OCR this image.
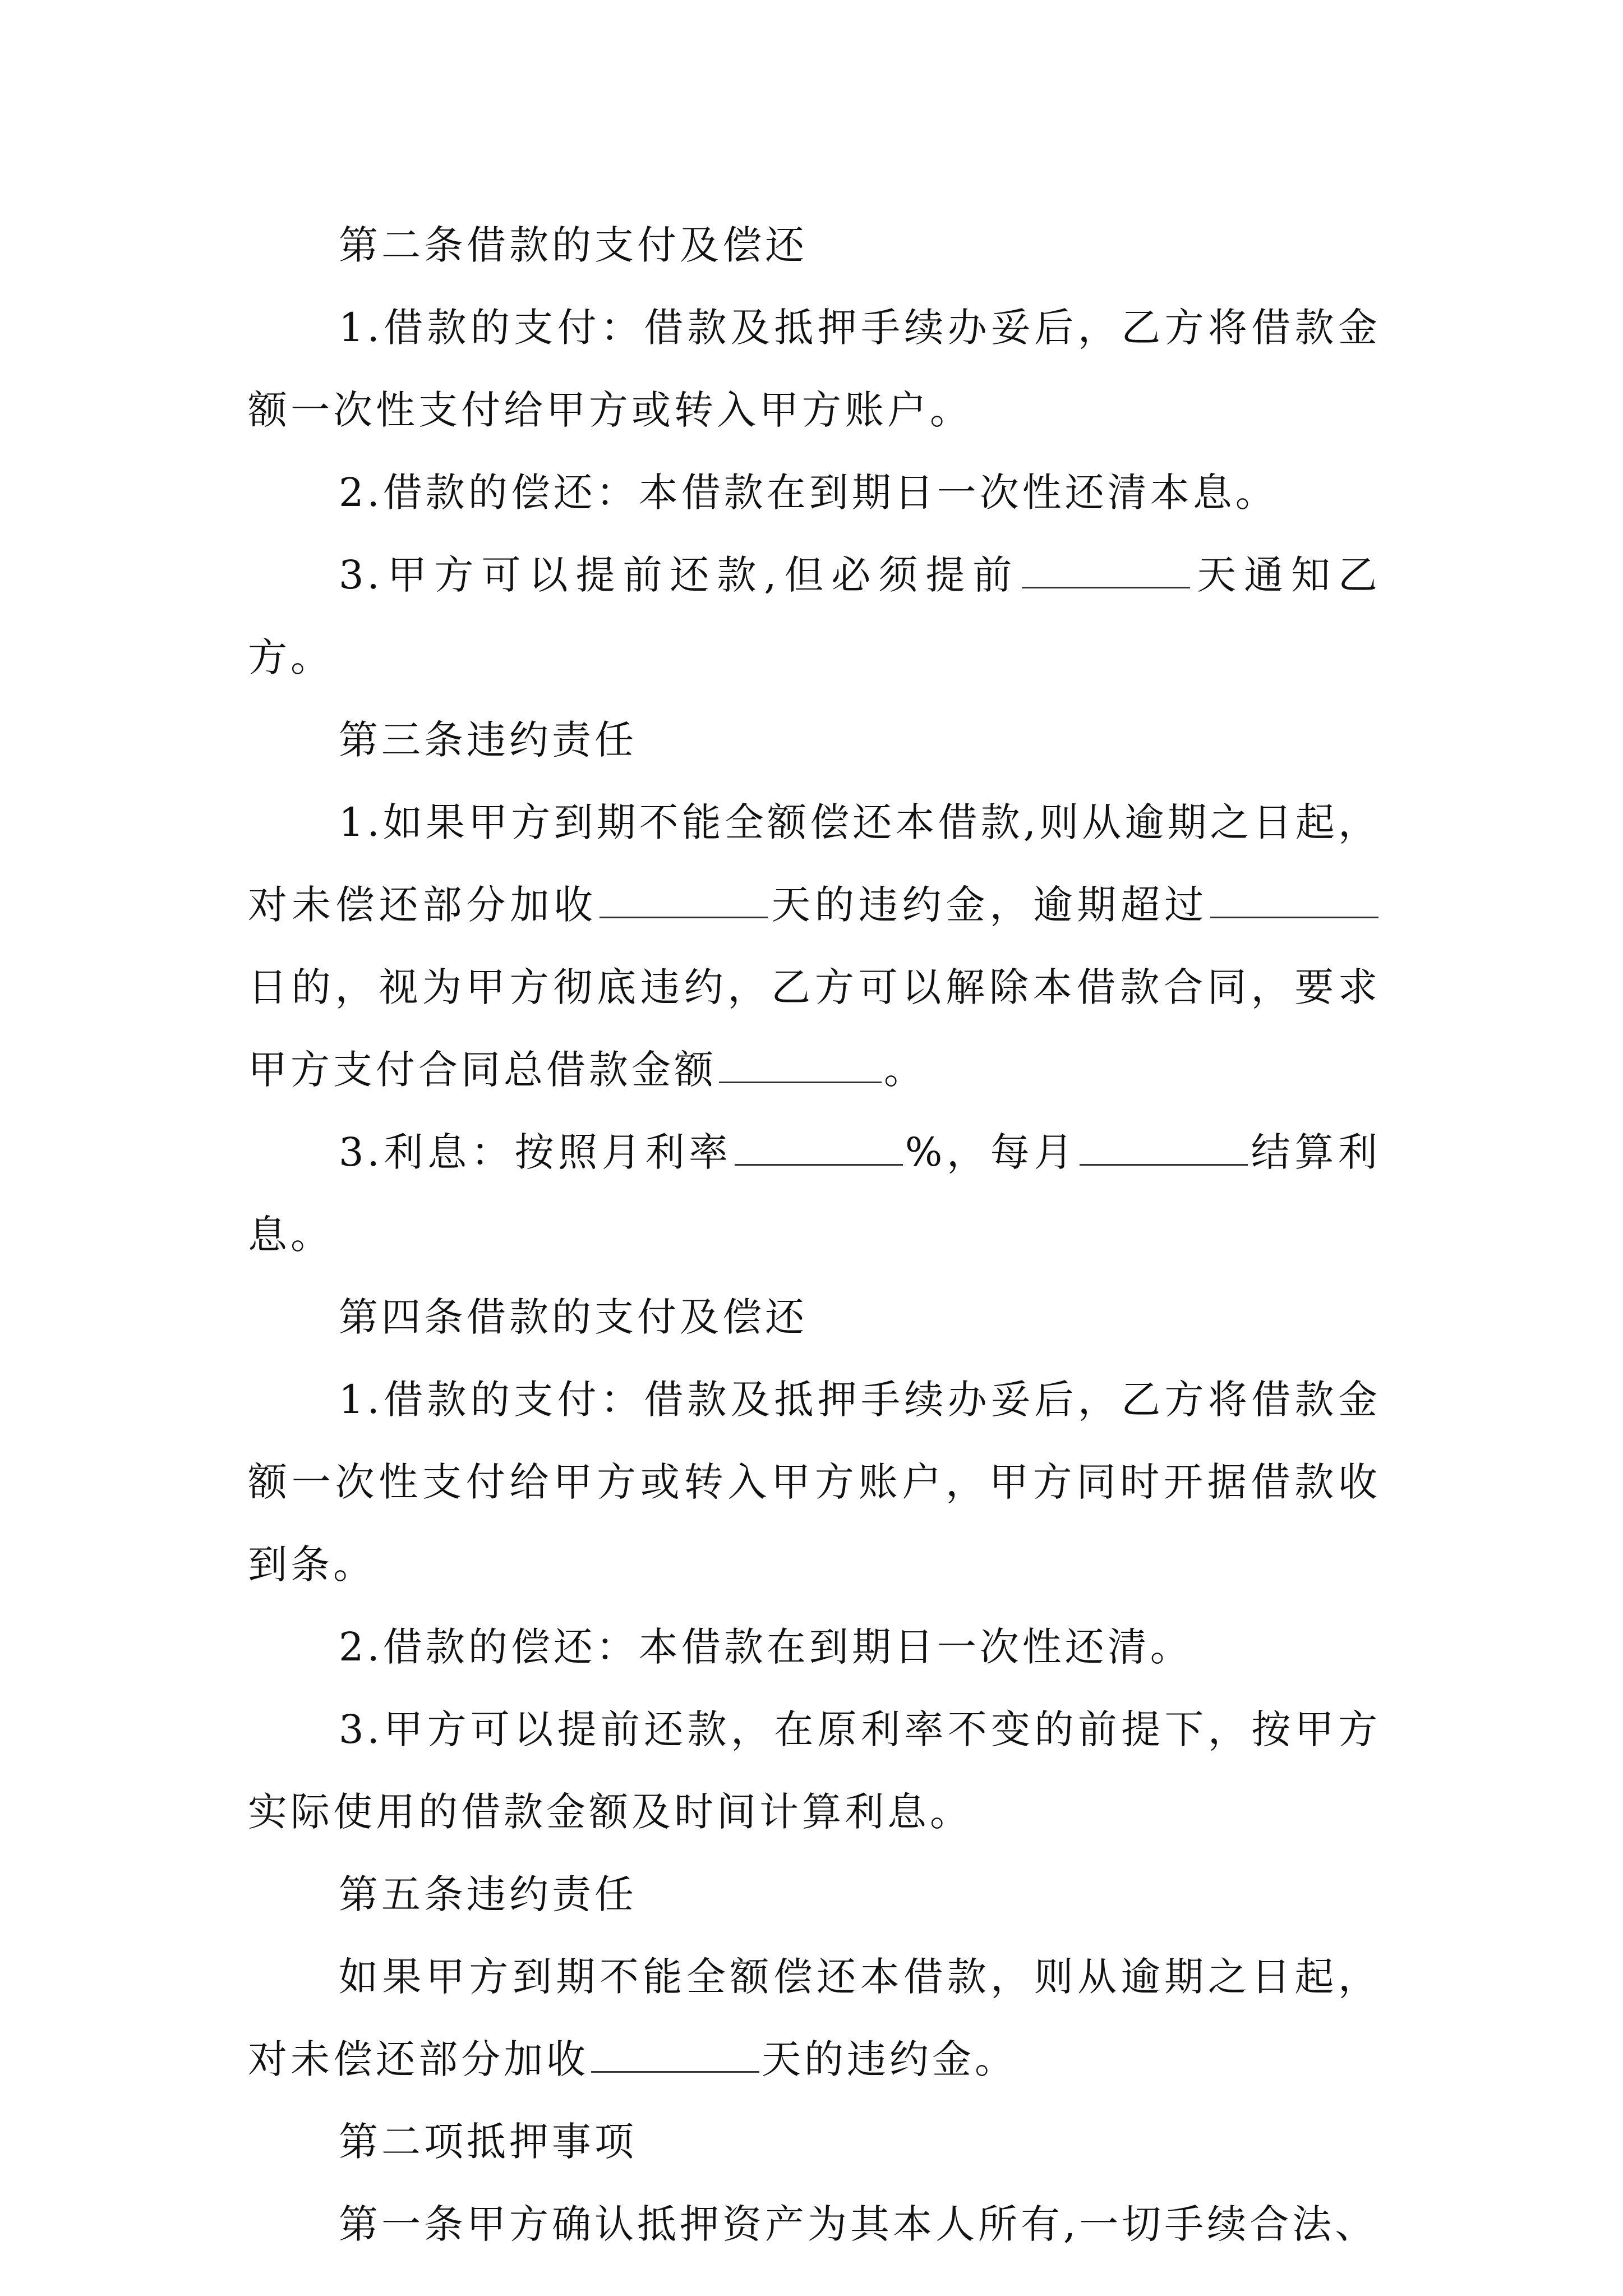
第二条借款的支付及偿还

1.借款的支付：借款及抵押手续办妥后，乙方将借款金额一次性支付给甲方或转入甲方账户。

2.借款的偿还：本借款在到期日一次性还清本息。

3.甲方可以提前还款,但必须提前	天通知乙方。

第三条违约责任

1.如果甲方到期不能全额偿还本借款,则从逾期之日起，对未偿还部分加收	天的违约金，逾期超过日的，视为甲方彻底违约，乙方可以解除本借款合同，要求甲方支付合同总借款金额	。

3.利息：按照月利率	%，每月	结算利息。

第四条借款的支付及偿还

1.借款的支付：借款及抵押手续办妥后，乙方将借款金额一次性支付给甲方或转入甲方账户，甲方同时开据借款收到条。

2.借款的偿还：本借款在到期日一次性还清。

3.甲方可以提前还款，在原利率不变的前提下，按甲方实际使用的借款金额及时间计算利息。

第五条违约责任

如果甲方到期不能全额偿还本借款，则从逾期之日起，对未偿还部分加收	天的违约金。

第二项抵押事项

第一条甲方确认抵押资产为其本人所有,一切手续合法、
